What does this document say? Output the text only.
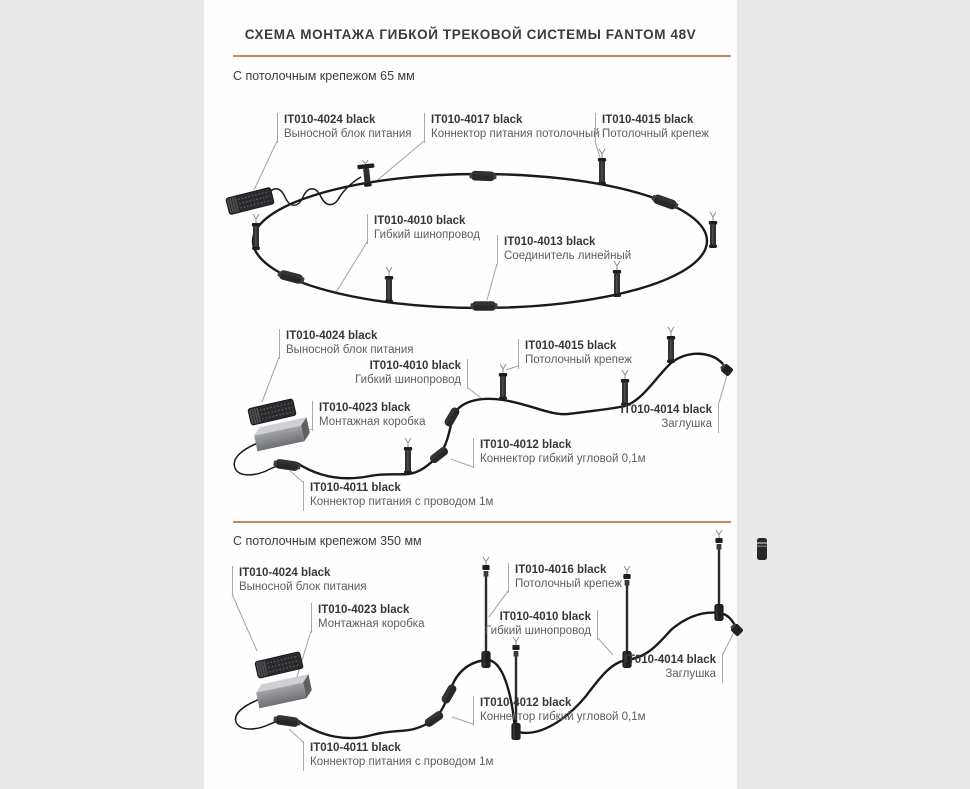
СХЕМА МОНТАЖА ГИБКОЙ ТРЕКОВОЙ СИСТЕМЫ FANTOM 48V
С потолочным крепежом 65 мм
С потолочным крепежом 350 мм
IT010-4024 black
Выносной блок питания
IT010-4017 black
Коннектор питания потолочный
IT010-4015 black
Потолочный крепеж
IT010-4010 black
Гибкий шинопровод
IT010-4013 black
Соединитель линейный
IT010-4024 black
Выносной блок питания
IT010-4010 black
Гибкий шинопровод
IT010-4015 black
Потолочный крепеж
IT010-4023 black
Монтажная коробка
IT010-4014 black
Заглушка
IT010-4012 black
Коннектор гибкий угловой 0,1м
IT010-4011 black
Коннектор питания с проводом 1м
IT010-4024 black
Выносной блок питания
IT010-4023 black
Монтажная коробка
IT010-4016 black
Потолочный крепеж
IT010-4010 black
Гибкий шинопровод
IT010-4014 black
Заглушка
IT010-4012 black
Коннектор гибкий угловой 0,1м
IT010-4011 black
Коннектор питания с проводом 1м
